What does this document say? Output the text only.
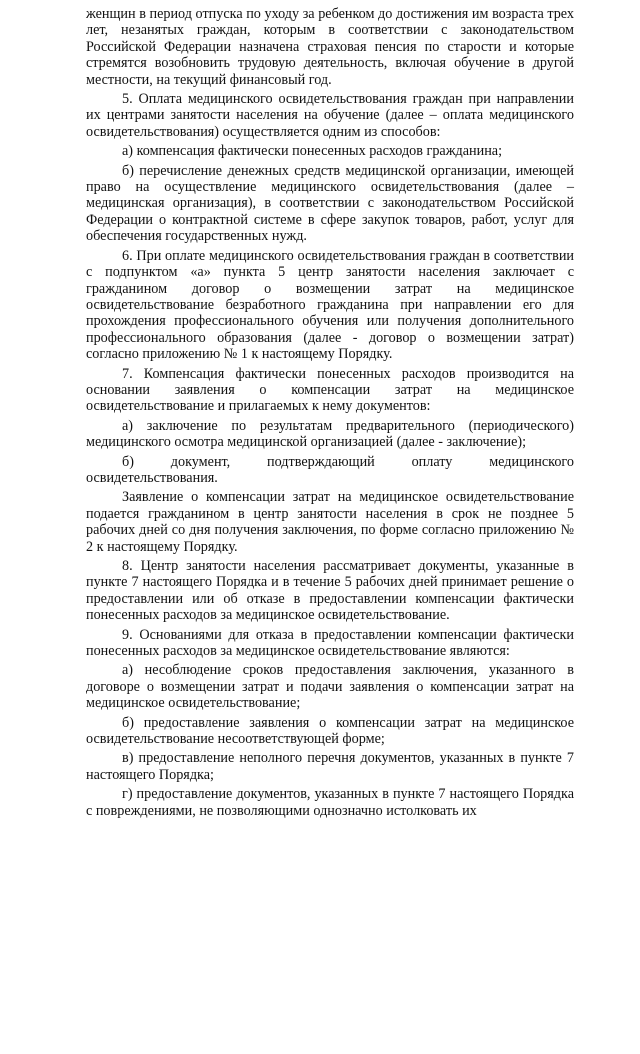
женщин в период отпуска по уходу за ребенком до достижения им возраста трех лет, незанятых граждан, которым в соответствии с законодательством Российской Федерации назначена страховая пенсия по старости и которые стремятся возобновить трудовую деятельность, включая обучение в другой местности, на текущий финансовый год.

5. Оплата медицинского освидетельствования граждан при направлении их центрами занятости населения на обучение (далее – оплата медицинского освидетельствования) осуществляется одним из способов:

а) компенсация фактически понесенных расходов гражданина;

б) перечисление денежных средств медицинской организации, имеющей право на осуществление медицинского освидетельствования (далее – медицинская организация), в соответствии с законодательством Российской Федерации о контрактной системе в сфере закупок товаров, работ, услуг для обеспечения государственных нужд.

6. При оплате медицинского освидетельствования граждан в соответствии с подпунктом «а» пункта 5 центр занятости населения заключает с гражданином договор о возмещении затрат на медицинское освидетельствование безработного гражданина при направлении его для прохождения профессионального обучения или получения дополнительного профессионального образования (далее - договор о возмещении затрат) согласно приложению № 1 к настоящему Порядку.

7. Компенсация фактически понесенных расходов производится на основании заявления о компенсации затрат на медицинское освидетельствование и прилагаемых к нему документов:

а) заключение по результатам предварительного (периодического) медицинского осмотра медицинской организацией (далее - заключение);

б) документ, подтверждающий оплату медицинского освидетельствования.

Заявление о компенсации затрат на медицинское освидетельствование подается гражданином в центр занятости населения в срок не позднее 5 рабочих дней со дня получения заключения, по форме согласно приложению № 2 к настоящему Порядку.

8. Центр занятости населения рассматривает документы, указанные в пункте 7 настоящего Порядка и в течение 5 рабочих дней принимает решение о предоставлении или об отказе в предоставлении компенсации фактически понесенных расходов за медицинское освидетельствование.

9. Основаниями для отказа в предоставлении компенсации фактически понесенных расходов за медицинское освидетельствование являются:

а) несоблюдение сроков предоставления заключения, указанного в договоре о возмещении затрат и подачи заявления о компенсации затрат на медицинское освидетельствование;

б) предоставление заявления о компенсации затрат на медицинское освидетельствование несоответствующей форме;

в) предоставление неполного перечня документов, указанных в пункте 7 настоящего Порядка;

г) предоставление документов, указанных в пункте 7 настоящего Порядка с повреждениями, не позволяющими однозначно истолковать их
